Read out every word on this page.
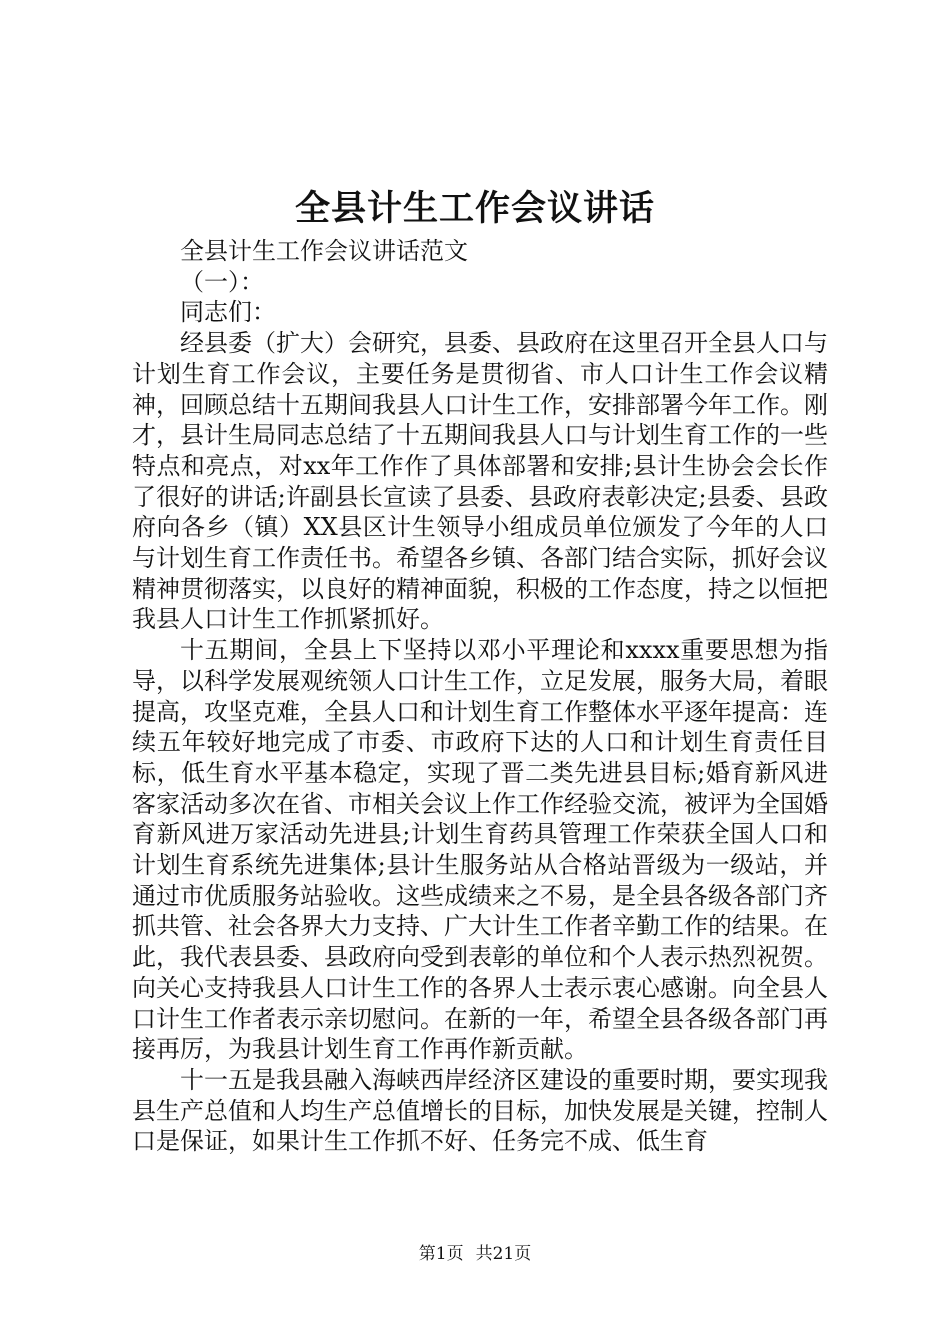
全县计生工作会议讲话

全县计生工作会议讲话范文

（一）：

同志们：

经县委（扩大）会研究，县委、县政府在这里召开全县人口与计划生育工作会议，主要任务是贯彻省、市人口计生工作会议精神，回顾总结十五期间我县人口计生工作，安排部署今年工作。刚才，县计生局同志总结了十五期间我县人口与计划生育工作的一些特点和亮点，对xx年工作作了具体部署和安排;县计生协会会长作了很好的讲话;许副县长宣读了县委、县政府表彰决定;县委、县政府向各乡（镇）XX县区计生领导小组成员单位颁发了今年的人口与计划生育工作责任书。希望各乡镇、各部门结合实际，抓好会议精神贯彻落实，以良好的精神面貌，积极的工作态度，持之以恒把我县人口计生工作抓紧抓好。

十五期间，全县上下坚持以邓小平理论和xxxx重要思想为指导，以科学发展观统领人口计生工作，立足发展，服务大局，着眼提高，攻坚克难，全县人口和计划生育工作整体水平逐年提高：连续五年较好地完成了市委、市政府下达的人口和计划生育责任目标，低生育水平基本稳定，实现了晋二类先进县目标;婚育新风进客家活动多次在省、市相关会议上作工作经验交流，被评为全国婚育新风进万家活动先进县;计划生育药具管理工作荣获全国人口和计划生育系统先进集体;县计生服务站从合格站晋级为一级站，并通过市优质服务站验收。这些成绩来之不易，是全县各级各部门齐抓共管、社会各界大力支持、广大计生工作者辛勤工作的结果。在此，我代表县委、县政府向受到表彰的单位和个人表示热烈祝贺。向关心支持我县人口计生工作的各界人士表示衷心感谢。向全县人口计生工作者表示亲切慰问。在新的一年，希望全县各级各部门再接再厉，为我县计划生育工作再作新贡献。

十一五是我县融入海峡西岸经济区建设的重要时期，要实现我县生产总值和人均生产总值增长的目标，加快发展是关键，控制人口是保证，如果计生工作抓不好、任务完不成、低生育

第1页 共21页
